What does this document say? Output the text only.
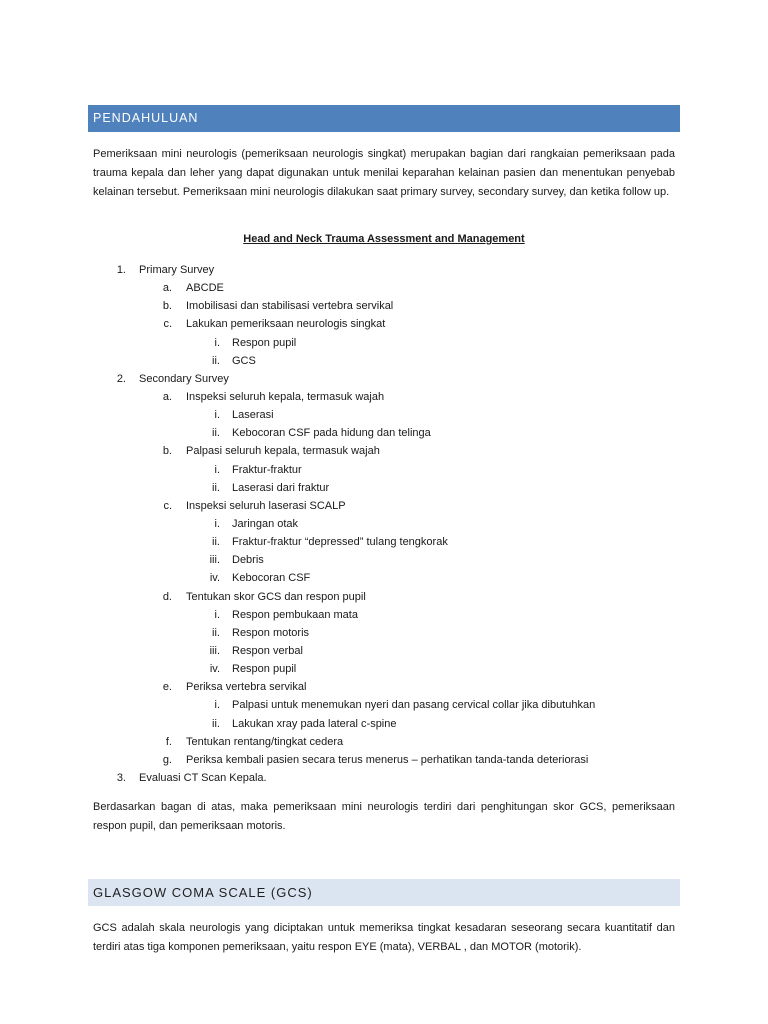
PENDAHULUAN

Pemeriksaan mini neurologis (pemeriksaan neurologis singkat) merupakan bagian dari rangkaian pemeriksaan pada trauma kepala dan leher yang dapat digunakan untuk menilai keparahan kelainan pasien dan menentukan penyebab kelainan tersebut. Pemeriksaan mini neurologis dilakukan saat primary survey, secondary survey, dan ketika follow up.

Head and Neck Trauma Assessment and Management
1. Primary Survey
a. ABCDE
b. Imobilisasi dan stabilisasi vertebra servikal
c. Lakukan pemeriksaan neurologis singkat
i. Respon pupil
ii. GCS
2. Secondary Survey
a. Inspeksi seluruh kepala, termasuk wajah
i. Laserasi
ii. Kebocoran CSF pada hidung dan telinga
b. Palpasi seluruh kepala, termasuk wajah
i. Fraktur-fraktur
ii. Laserasi dari fraktur
c. Inspeksi seluruh laserasi SCALP
i. Jaringan otak
ii. Fraktur-fraktur “depressed” tulang tengkorak
iii. Debris
iv. Kebocoran CSF
d. Tentukan skor GCS dan respon pupil
i. Respon pembukaan mata
ii. Respon motoris
iii. Respon verbal
iv. Respon pupil
e. Periksa vertebra servikal
i. Palpasi untuk menemukan nyeri dan pasang cervical collar jika dibutuhkan
ii. Lakukan xray pada lateral c-spine
f. Tentukan rentang/tingkat cedera
g. Periksa kembali pasien secara terus menerus – perhatikan tanda-tanda deteriorasi
3. Evaluasi CT Scan Kepala.

Berdasarkan bagan di atas, maka pemeriksaan mini neurologis terdiri dari penghitungan skor GCS, pemeriksaan respon pupil, dan pemeriksaan motoris.

GLASGOW COMA SCALE (GCS)

GCS adalah skala neurologis yang diciptakan untuk memeriksa tingkat kesadaran seseorang secara kuantitatif dan terdiri atas tiga komponen pemeriksaan, yaitu respon EYE (mata), VERBAL , dan MOTOR (motorik).
